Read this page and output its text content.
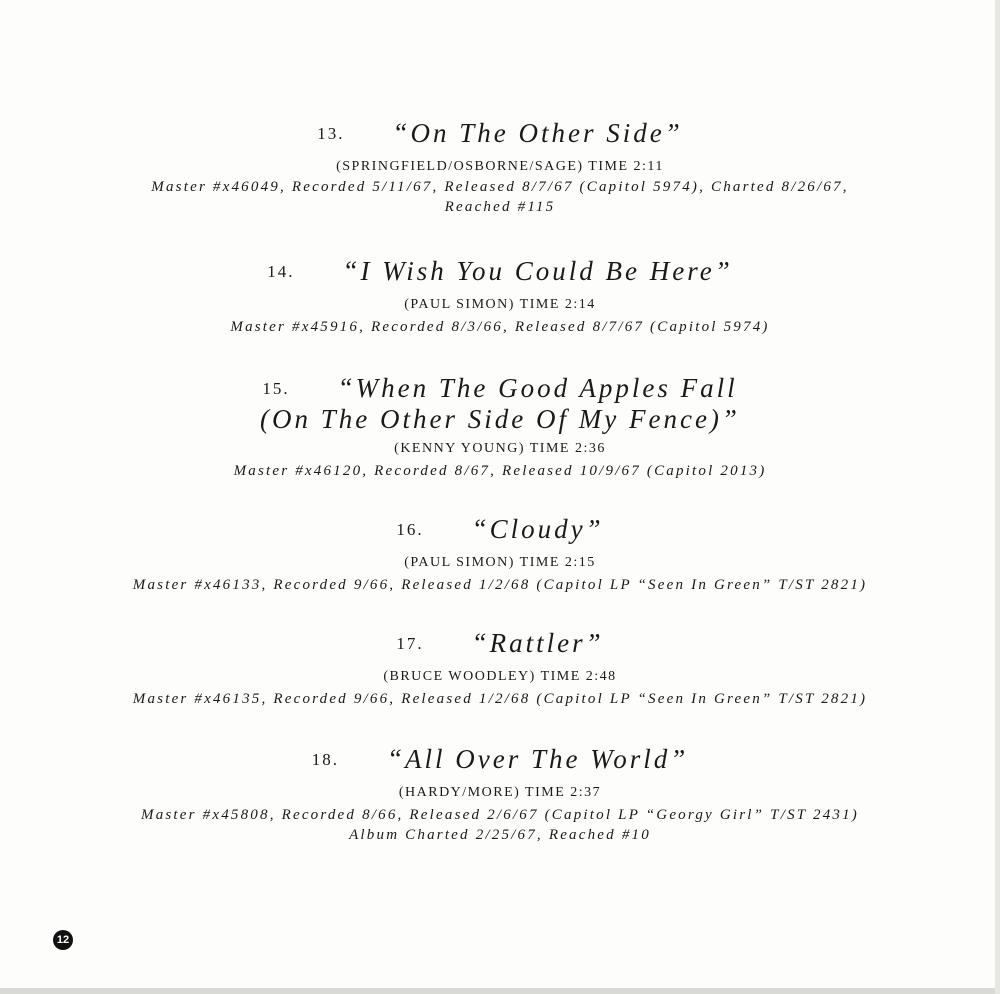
13. “On The Other Side”
(SPRINGFIELD/OSBORNE/SAGE) TIME 2:11
Master #x46049, Recorded 5/11/67, Released 8/7/67 (Capitol 5974), Charted 8/26/67,
Reached #115
14. “I Wish You Could Be Here”
(PAUL SIMON) TIME 2:14
Master #x45916, Recorded 8/3/66, Released 8/7/67 (Capitol 5974)
15. “When The Good Apples Fall
(On The Other Side Of My Fence)”
(KENNY YOUNG) TIME 2:36
Master #x46120, Recorded 8/67, Released 10/9/67 (Capitol 2013)
16. “Cloudy”
(PAUL SIMON) TIME 2:15
Master #x46133, Recorded 9/66, Released 1/2/68 (Capitol LP “Seen In Green” T/ST 2821)
17. “Rattler”
(BRUCE WOODLEY) TIME 2:48
Master #x46135, Recorded 9/66, Released 1/2/68 (Capitol LP “Seen In Green” T/ST 2821)
18. “All Over The World”
(HARDY/MORE) TIME 2:37
Master #x45808, Recorded 8/66, Released 2/6/67 (Capitol LP “Georgy Girl” T/ST 2431)
Album Charted 2/25/67, Reached #10
12
